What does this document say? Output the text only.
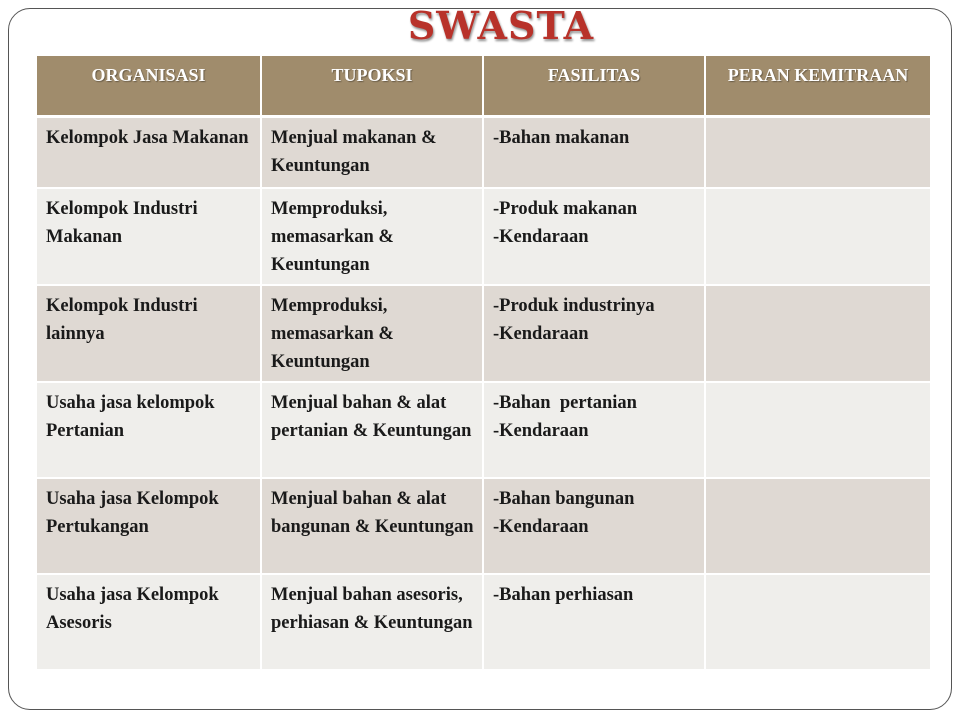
SWASTA
ORGANISASI	TUPOKSI	FASILITAS	PERAN KEMITRAAN
Kelompok Jasa Makanan	Menjual makanan & Keuntungan	-Bahan makanan	

Kelompok Industri Makanan	Memproduksi, memasarkan & Keuntungan	-Produk makanan
-Kendaraan	

Kelompok Industri lainnya	Memproduksi, memasarkan & Keuntungan	-Produk industrinya
-Kendaraan	

Usaha jasa kelompok Pertanian	Menjual bahan & alat pertanian & Keuntungan	-Bahan  pertanian
-Kendaraan	

Usaha jasa Kelompok Pertukangan	Menjual bahan & alat bangunan & Keuntungan	-Bahan bangunan
-Kendaraan	

Usaha jasa Kelompok Asesoris	Menjual bahan asesoris, perhiasan & Keuntungan	-Bahan perhiasan	
